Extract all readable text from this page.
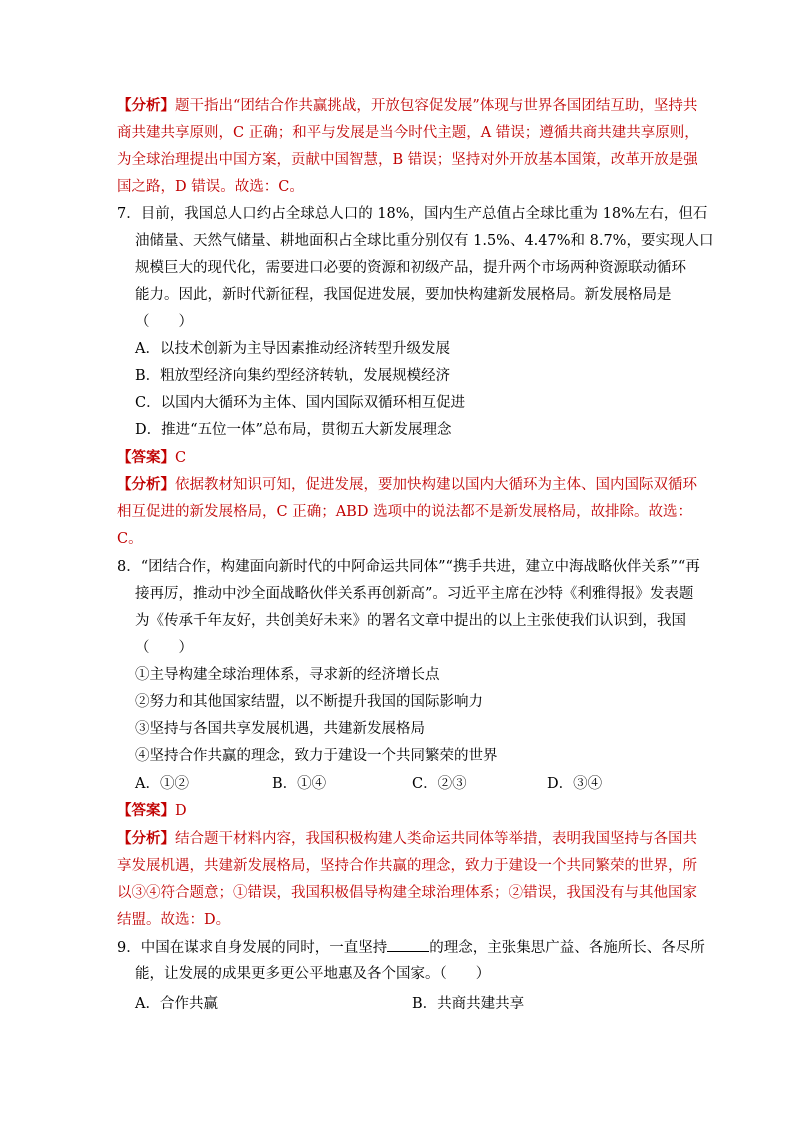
【分析】题干指出“团结合作共赢挑战，开放包容促发展”体现与世界各国团结互助，坚持共
商共建共享原则，C 正确；和平与发展是当今时代主题，A 错误；遵循共商共建共享原则，
为全球治理提出中国方案，贡献中国智慧，B 错误；坚持对外开放基本国策，改革开放是强
国之路，D 错误。故选：C。
7．目前，我国总人口约占全球总人口的 18%，国内生产总值占全球比重为 18%左右，但石
油储量、天然气储量、耕地面积占全球比重分别仅有 1.5%、4.47%和 8.7%，要实现人口
规模巨大的现代化，需要进口必要的资源和初级产品，提升两个市场两种资源联动循环
能力。因此，新时代新征程，我国促进发展，要加快构建新发展格局。新发展格局是
（　　）
A．以技术创新为主导因素推动经济转型升级发展
B．粗放型经济向集约型经济转轨，发展规模经济
C．以国内大循环为主体、国内国际双循环相互促进
D．推进“五位一体”总布局，贯彻五大新发展理念
【答案】C
【分析】依据教材知识可知，促进发展，要加快构建以国内大循环为主体、国内国际双循环
相互促进的新发展格局，C 正确；ABD 选项中的说法都不是新发展格局，故排除。故选：
C。
8．“团结合作，构建面向新时代的中阿命运共同体”“携手共进，建立中海战略伙伴关系”“再
接再厉，推动中沙全面战略伙伴关系再创新高”。习近平主席在沙特《利雅得报》发表题
为《传承千年友好，共创美好未来》的署名文章中提出的以上主张使我们认识到，我国
（　　）
①主导构建全球治理体系，寻求新的经济增长点
②努力和其他国家结盟，以不断提升我国的国际影响力
③坚持与各国共享发展机遇，共建新发展格局
④坚持合作共赢的理念，致力于建设一个共同繁荣的世界
A．①②	B．①④	C．②③	D．③④
【答案】D
【分析】结合题干材料内容，我国积极构建人类命运共同体等举措，表明我国坚持与各国共
享发展机遇，共建新发展格局，坚持合作共赢的理念，致力于建设一个共同繁荣的世界，所
以③④符合题意；①错误，我国积极倡导构建全球治理体系；②错误，我国没有与其他国家
结盟。故选：D。
9．中国在谋求自身发展的同时，一直坚持	的理念，主张集思广益、各施所长、各尽所
能，让发展的成果更多更公平地惠及各个国家。（　　）
A．合作共赢	B．共商共建共享
